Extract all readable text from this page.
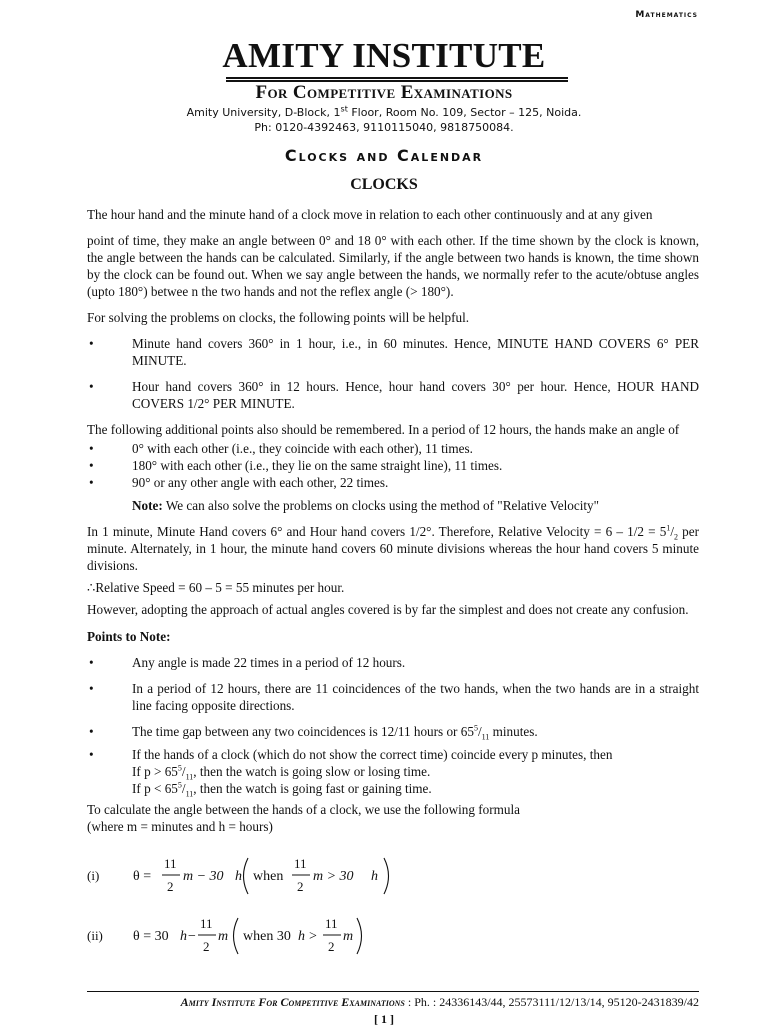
Mathematics
AMITY INSTITUTE
For Competitive Examinations
Amity University, D-Block, 1st Floor, Room No. 109, Sector – 125, Noida.
Ph: 0120-4392463, 9110115040, 9818750084.
Clocks and Calendar
CLOCKS

The hour hand and the minute hand of a clock move in relation to each other continuously and at any given

point of time, they make an angle between 0° and 18 0° with each other. If the time shown by the clock is known, the angle between the hands can be calculated. Similarly, if the angle between two hands is known, the time shown by the clock can be found out. When we say angle between the hands, we normally refer to the acute/obtuse angles (upto 180°) betwee n the two hands and not the reflex angle (> 180°).

For solving the problems on clocks, the following points will be helpful.

• Minute hand covers 360° in 1 hour, i.e., in 60 minutes. Hence, MINUTE HAND COVERS 6° PER MINUTE.
• Hour hand covers 360° in 12 hours. Hence, hour hand covers 30° per hour. Hence, HOUR HAND COVERS 1/2° PER MINUTE.

The following additional points also should be remembered. In a period of 12 hours, the hands make an angle of

• 0° with each other (i.e., they coincide with each other), 11 times.
• 180° with each other (i.e., they lie on the same straight line), 11 times.
• 90° or any other angle with each other, 22 times.

Note: We can also solve the problems on clocks using the method of "Relative Velocity"

In 1 minute, Minute Hand covers 6° and Hour hand covers 1/2°. Therefore, Relative Velocity = $6 - 1/2 = 5^1/_2$ per minute. Alternately, in 1 hour, the minute hand covers 60 minute divisions whereas the hour hand covers 5 minute divisions.

∴Relative Speed = 60 – 5 = 55 minutes per hour.

However, adopting the approach of actual angles covered is by far the simplest and does not create any confusion.

Points to Note:

• Any angle is made 22 times in a period of 12 hours.
• In a period of 12 hours, there are 11 coincidences of the two hands, when the two hands are in a straight line facing opposite directions.
• The time gap between any two coincidences is 12/11 hours or $65^5/_{11}$ minutes.
• If the hands of a clock (which do not show the correct time) coincide every p minutes, then
If $p > 65^5/_{11}$, then the watch is going slow or losing time.
If $p < 65^5/_{11}$, then the watch is going fast or gaining time.

To calculate the angle between the hands of a clock, we use the following formula

(where m = minutes and h = hours)

(i) θ =
11
2
m − 30 h when
11
2
m > 30 h
(ii) θ = 30 h −
11
2
m when 30 h >
11
2
m
Amity Institute For Competitive Examinations : Ph. : 24336143/44, 25573111/12/13/14, 95120-2431839/42
[ 1 ]
